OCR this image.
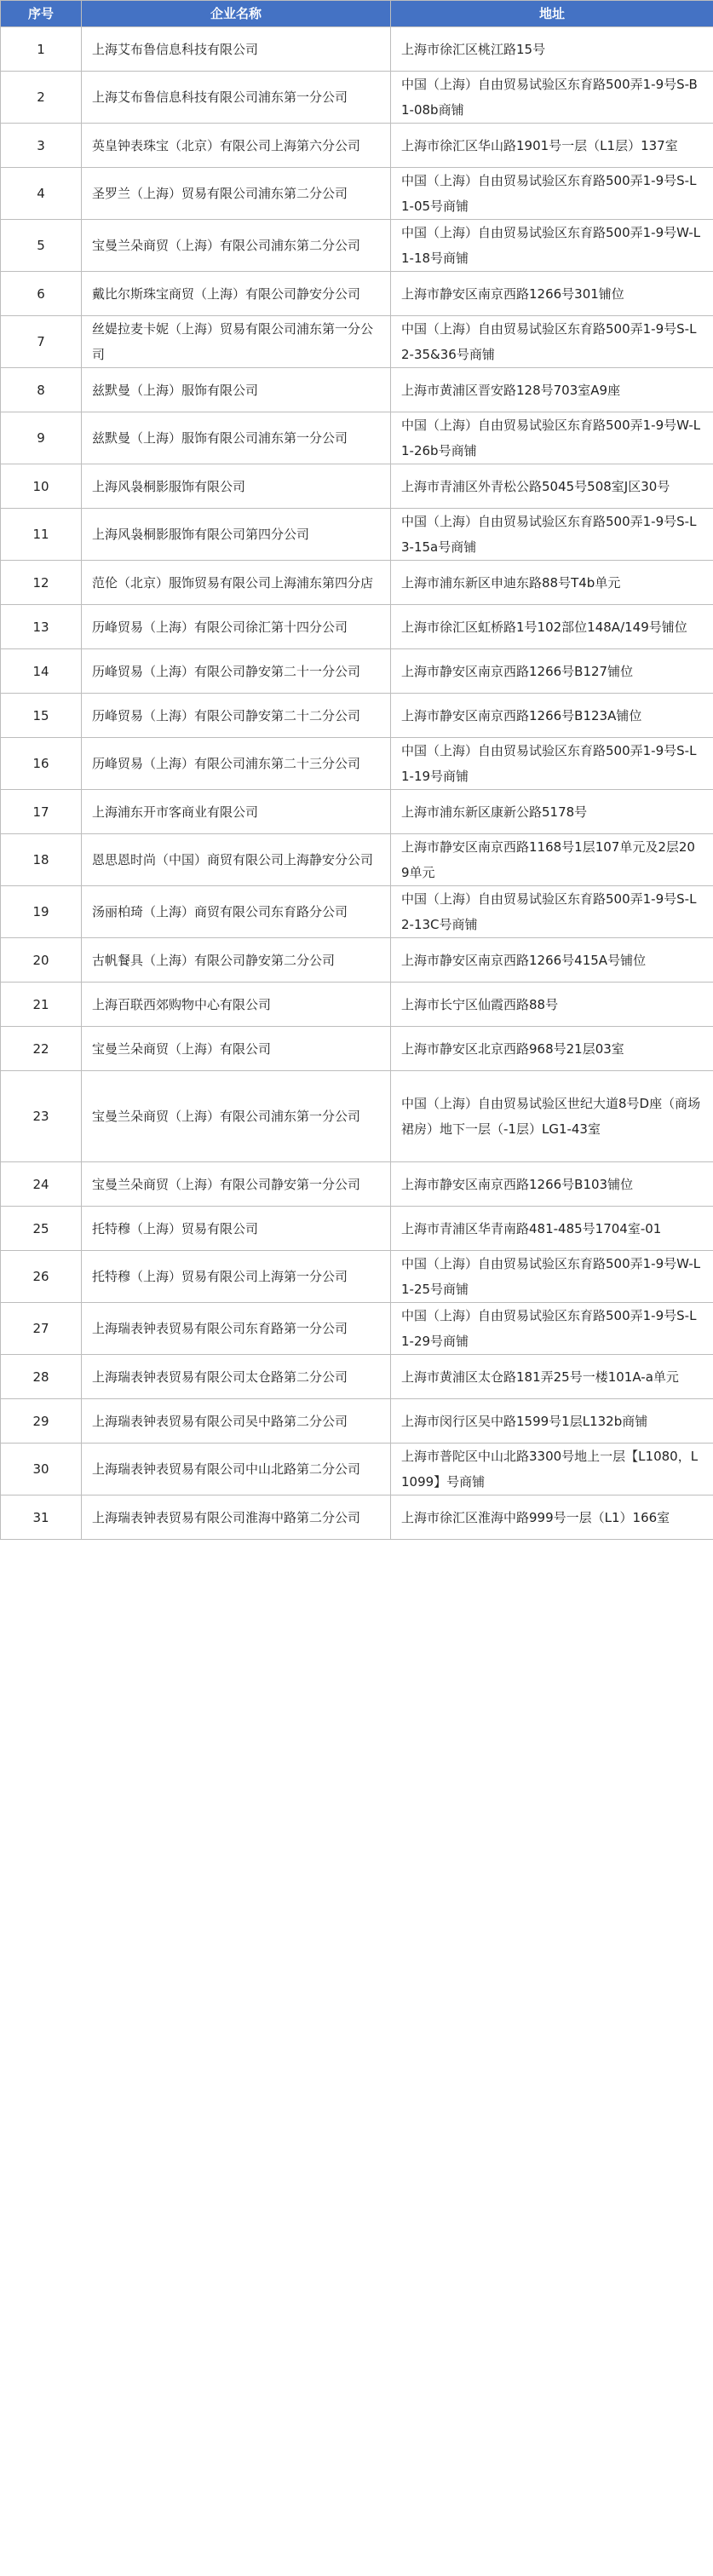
序号	企业名称	地址
1	上海艾布鲁信息科技有限公司	上海市徐汇区桃江路15号
2	上海艾布鲁信息科技有限公司浦东第一分公司	中国（上海）自由贸易试验区东育路500弄1-9号S-B1-08b商铺
3	英皇钟表珠宝（北京）有限公司上海第六分公司	上海市徐汇区华山路1901号一层（L1层）137室
4	圣罗兰（上海）贸易有限公司浦东第二分公司	中国（上海）自由贸易试验区东育路500弄1-9号S-L1-05号商铺
5	宝曼兰朵商贸（上海）有限公司浦东第二分公司	中国（上海）自由贸易试验区东育路500弄1-9号W-L1-18号商铺
6	戴比尔斯珠宝商贸（上海）有限公司静安分公司	上海市静安区南京西路1266号301铺位
7	丝媞拉麦卡妮（上海）贸易有限公司浦东第一分公司	中国（上海）自由贸易试验区东育路500弄1-9号S-L2-35&36号商铺
8	兹默曼（上海）服饰有限公司	上海市黄浦区晋安路128号703室A9座
9	兹默曼（上海）服饰有限公司浦东第一分公司	中国（上海）自由贸易试验区东育路500弄1-9号W-L1-26b号商铺
10	上海风袅桐影服饰有限公司	上海市青浦区外青松公路5045号508室J区30号
11	上海风袅桐影服饰有限公司第四分公司	中国（上海）自由贸易试验区东育路500弄1-9号S-L3-15a号商铺
12	范伦（北京）服饰贸易有限公司上海浦东第四分店	上海市浦东新区申迪东路88号T4b单元
13	历峰贸易（上海）有限公司徐汇第十四分公司	上海市徐汇区虹桥路1号102部位148A/149号铺位
14	历峰贸易（上海）有限公司静安第二十一分公司	上海市静安区南京西路1266号B127铺位
15	历峰贸易（上海）有限公司静安第二十二分公司	上海市静安区南京西路1266号B123A铺位
16	历峰贸易（上海）有限公司浦东第二十三分公司	中国（上海）自由贸易试验区东育路500弄1-9号S-L1-19号商铺
17	上海浦东开市客商业有限公司	上海市浦东新区康新公路5178号
18	恩思恩时尚（中国）商贸有限公司上海静安分公司	上海市静安区南京西路1168号1层107单元及2层209单元
19	汤丽柏琦（上海）商贸有限公司东育路分公司	中国（上海）自由贸易试验区东育路500弄1-9号S-L2-13C号商铺
20	古帆餐具（上海）有限公司静安第二分公司	上海市静安区南京西路1266号415A号铺位
21	上海百联西郊购物中心有限公司	上海市长宁区仙霞西路88号
22	宝曼兰朵商贸（上海）有限公司	上海市静安区北京西路968号21层03室
23	宝曼兰朵商贸（上海）有限公司浦东第一分公司	中国（上海）自由贸易试验区世纪大道8号D座（商场裙房）地下一层（-1层）LG1-43室
24	宝曼兰朵商贸（上海）有限公司静安第一分公司	上海市静安区南京西路1266号B103铺位
25	托特穆（上海）贸易有限公司	上海市青浦区华青南路481-485号1704室-01
26	托特穆（上海）贸易有限公司上海第一分公司	中国（上海）自由贸易试验区东育路500弄1-9号W-L1-25号商铺
27	上海瑞表钟表贸易有限公司东育路第一分公司	中国（上海）自由贸易试验区东育路500弄1-9号S-L1-29号商铺
28	上海瑞表钟表贸易有限公司太仓路第二分公司	上海市黄浦区太仓路181弄25号一楼101A-a单元
29	上海瑞表钟表贸易有限公司吴中路第二分公司	上海市闵行区吴中路1599号1层L132b商铺
30	上海瑞表钟表贸易有限公司中山北路第二分公司	上海市普陀区中山北路3300号地上一层【L1080，L1099】号商铺
31	上海瑞表钟表贸易有限公司淮海中路第二分公司	上海市徐汇区淮海中路999号一层（L1）166室
